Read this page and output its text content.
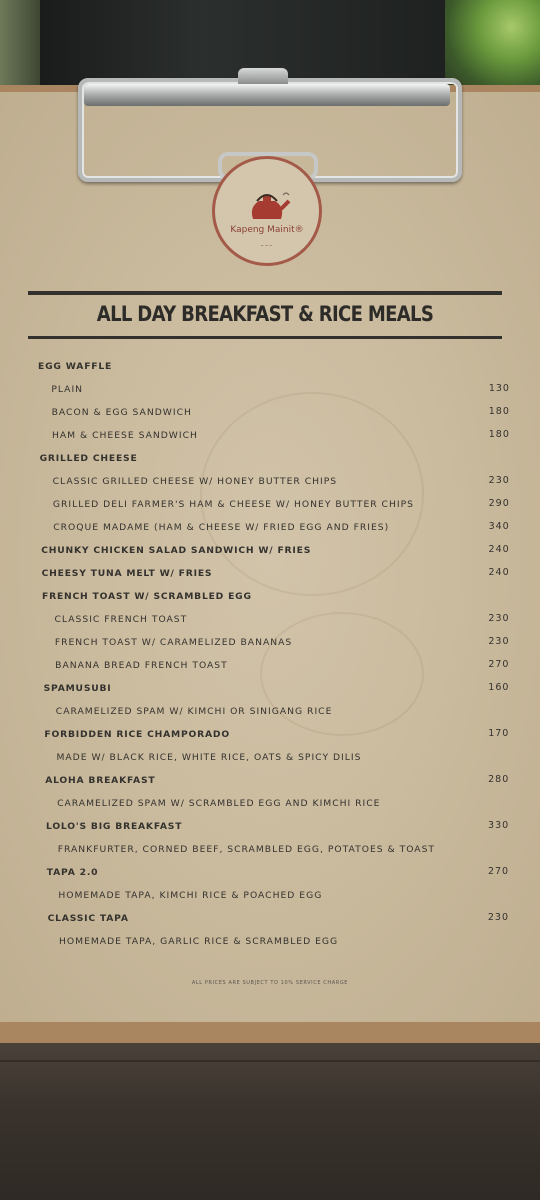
Kapeng Mainit®
~~~
ALL DAY BREAKFAST & RICE MEALS
EGG WAFFLE
PLAIN	130
BACON & EGG SANDWICH	180
HAM & CHEESE SANDWICH	180
GRILLED CHEESE
CLASSIC GRILLED CHEESE W/ HONEY BUTTER CHIPS	230
GRILLED DELI FARMER'S HAM & CHEESE W/ HONEY BUTTER CHIPS	290
CROQUE MADAME (HAM & CHEESE W/ FRIED EGG AND FRIES)	340
CHUNKY CHICKEN SALAD SANDWICH W/ FRIES	240
CHEESY TUNA MELT W/ FRIES	240
FRENCH TOAST W/ SCRAMBLED EGG
CLASSIC FRENCH TOAST	230
FRENCH TOAST W/ CARAMELIZED BANANAS	230
BANANA BREAD FRENCH TOAST	270
SPAMUSUBI	160
CARAMELIZED SPAM W/ KIMCHI OR SINIGANG RICE
FORBIDDEN RICE CHAMPORADO	170
MADE W/ BLACK RICE, WHITE RICE, OATS & SPICY DILIS
ALOHA BREAKFAST	280
CARAMELIZED SPAM W/ SCRAMBLED EGG AND KIMCHI RICE
LOLO'S BIG BREAKFAST	330
FRANKFURTER, CORNED BEEF, SCRAMBLED EGG, POTATOES & TOAST
TAPA 2.0	270
HOMEMADE TAPA, KIMCHI RICE & POACHED EGG
CLASSIC TAPA	230
HOMEMADE TAPA, GARLIC RICE & SCRAMBLED EGG
ALL PRICES ARE SUBJECT TO 10% SERVICE CHARGE
